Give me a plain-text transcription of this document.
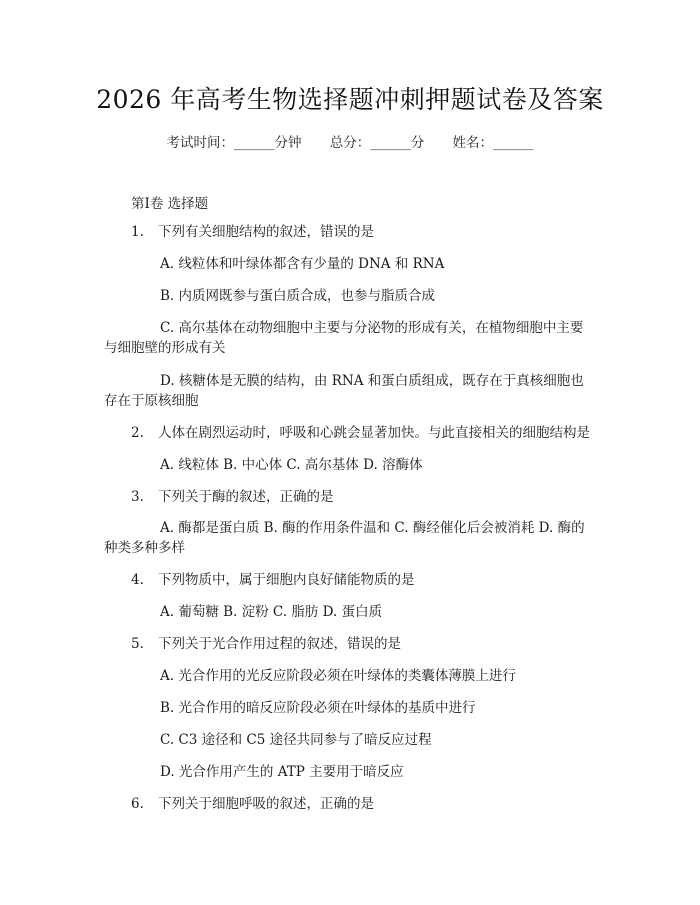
2026 年高考生物选择题冲刺押题试卷及答案
考试时间：______分钟 总分：______分 姓名：______
第Ⅰ卷 选择题
1. 下列有关细胞结构的叙述，错误的是
A. 线粒体和叶绿体都含有少量的 DNA 和 RNA
B. 内质网既参与蛋白质合成，也参与脂质合成
C. 高尔基体在动物细胞中主要与分泌物的形成有关，在植物细胞中主要与细胞壁的形成有关
D. 核糖体是无膜的结构，由 RNA 和蛋白质组成，既存在于真核细胞也存在于原核细胞
2. 人体在剧烈运动时，呼吸和心跳会显著加快。与此直接相关的细胞结构是
A. 线粒体 B. 中心体 C. 高尔基体 D. 溶酶体
3. 下列关于酶的叙述，正确的是
A. 酶都是蛋白质 B. 酶的作用条件温和 C. 酶经催化后会被消耗 D. 酶的种类多种多样
4. 下列物质中，属于细胞内良好储能物质的是
A. 葡萄糖 B. 淀粉 C. 脂肪 D. 蛋白质
5. 下列关于光合作用过程的叙述，错误的是
A. 光合作用的光反应阶段必须在叶绿体的类囊体薄膜上进行
B. 光合作用的暗反应阶段必须在叶绿体的基质中进行
C. C3 途径和 C5 途径共同参与了暗反应过程
D. 光合作用产生的 ATP 主要用于暗反应
6. 下列关于细胞呼吸的叙述，正确的是
